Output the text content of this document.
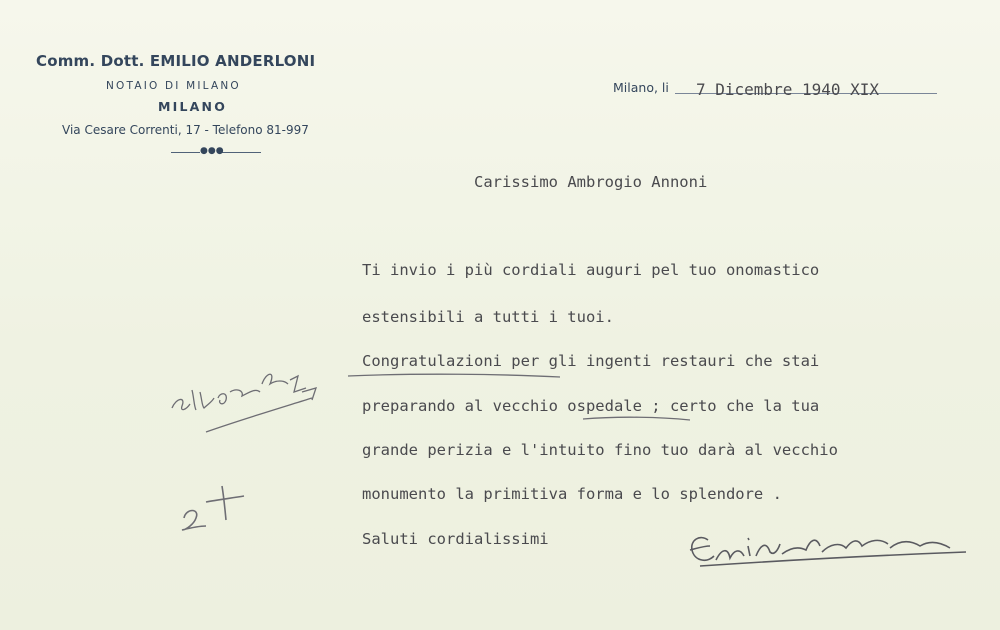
Comm. Dott. EMILIO ANDERLONI
NOTAIO DI MILANO
MILANO
Via Cesare Correnti, 17 - Telefono 81-997
●●●
Milano, li 7 Dicembre 1940 XIX
Carissimo Ambrogio Annoni
Ti invio i più cordiali auguri pel tuo onomastico
estensibili a tutti i tuoi.
Congratulazioni per gli ingenti restauri che stai
preparando al vecchio ospedale ; certo che la tua
grande perizia e l'intuito fino tuo darà al vecchio
monumento la primitiva forma e lo splendore .
Saluti cordialissimi
